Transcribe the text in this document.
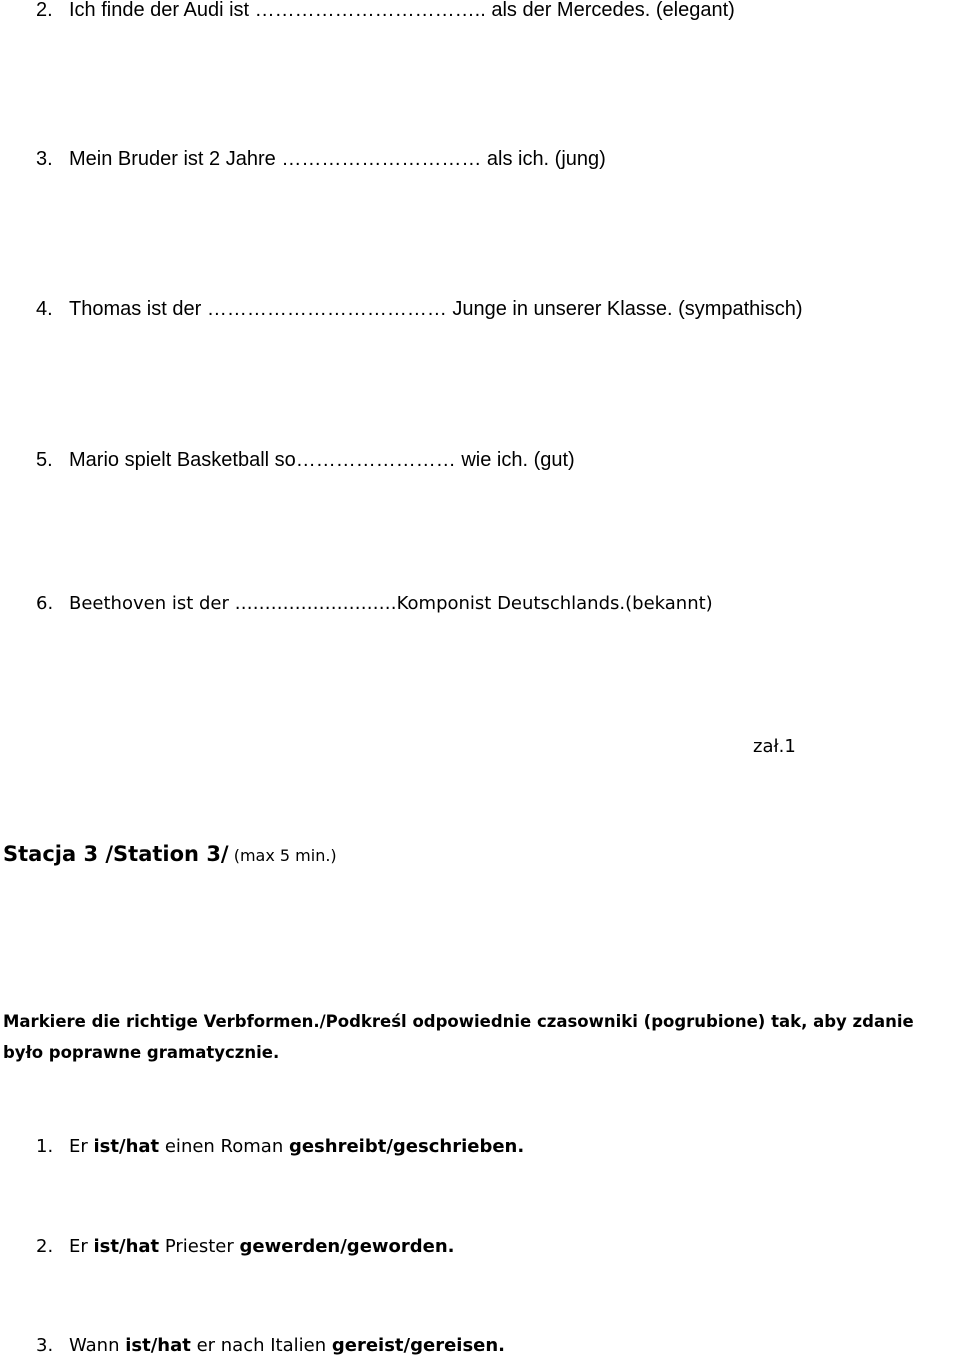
2. Ich finde der Audi ist …………………………….. als der Mercedes. (elegant)
3. Mein Bruder ist 2 Jahre ………………………… als ich. (jung)
4. Thomas ist der ……………………………… Junge in unserer Klasse. (sympathisch)
5. Mario spielt Basketball so…………………… wie ich. (gut)
6. Beethoven ist der ………………………Komponist Deutschlands.(bekannt)
zał.1
Stacja 3 /Station 3/ (max 5 min.)
Markiere die richtige Verbformen./Podkreśl odpowiednie czasowniki (pogrubione) tak, aby zdanie było poprawne gramatycznie.
1. Er ist/hat einen Roman geshreibt/geschrieben.
2. Er ist/hat Priester gewerden/geworden.
3. Wann ist/hat er nach Italien gereist/gereisen.
